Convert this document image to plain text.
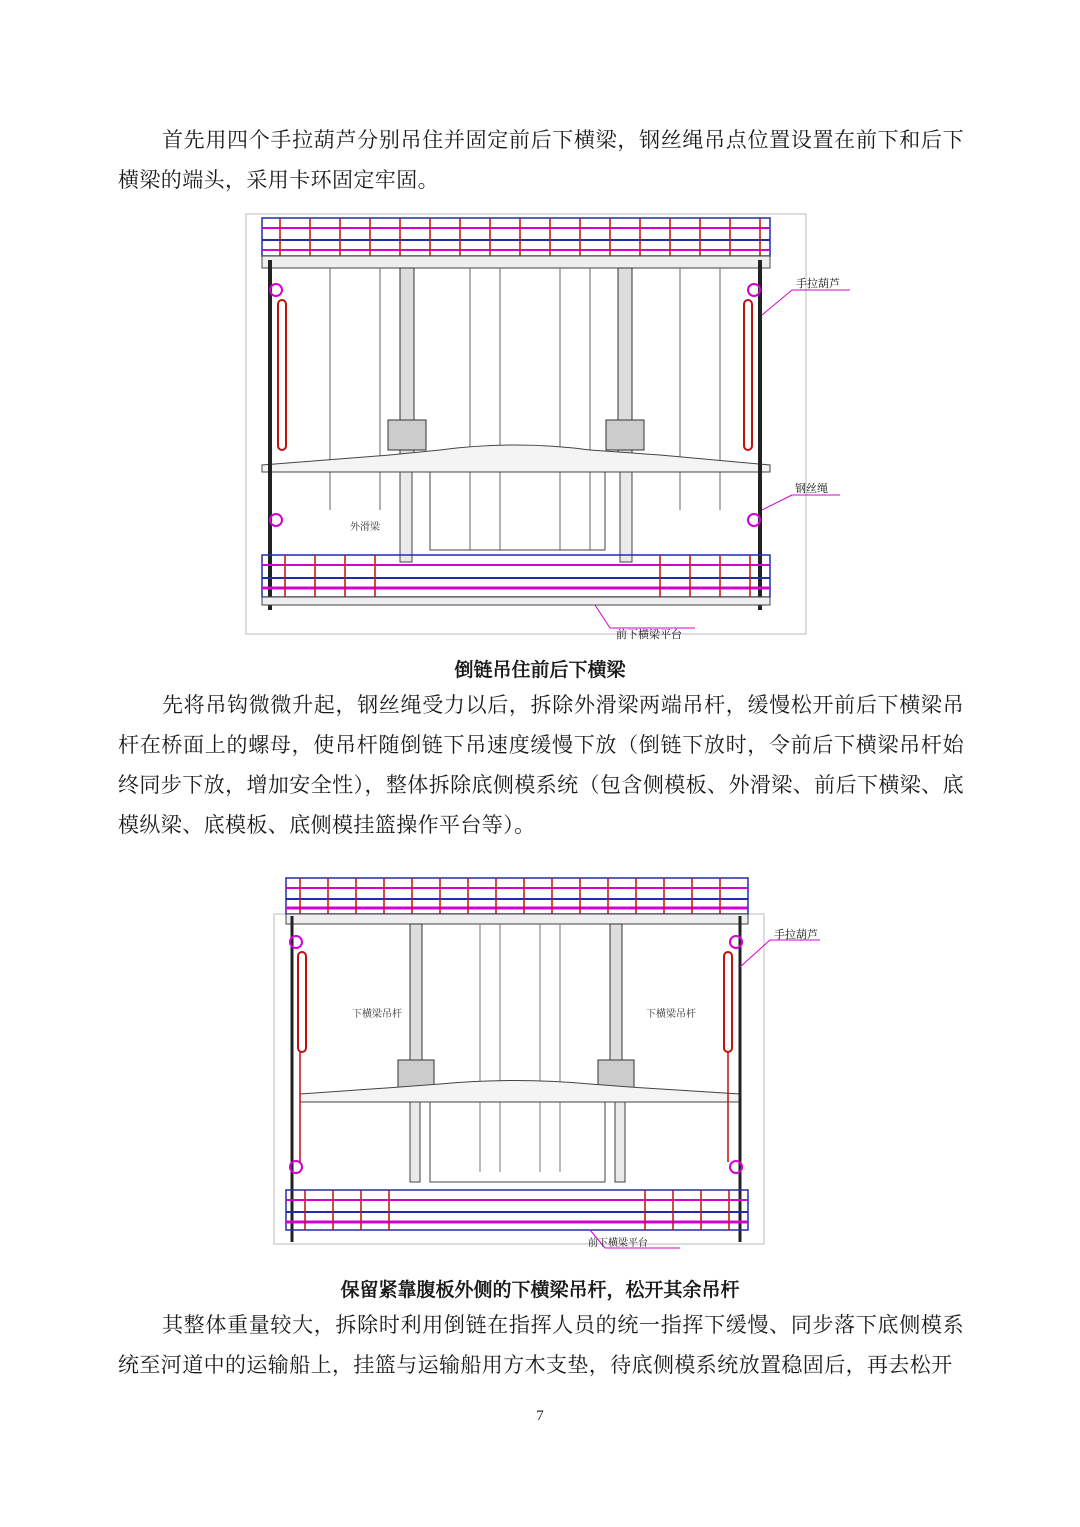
首先用四个手拉葫芦分别吊住并固定前后下横梁，钢丝绳吊点位置设置在前下和后下横梁的端头，采用卡环固定牢固。

手拉葫芦
钢丝绳
前下横梁平台
外滑梁

倒链吊住前后下横梁

先将吊钩微微升起，钢丝绳受力以后，拆除外滑梁两端吊杆，缓慢松开前后下横梁吊杆在桥面上的螺母，使吊杆随倒链下吊速度缓慢下放（倒链下放时，令前后下横梁吊杆始终同步下放，增加安全性），整体拆除底侧模系统（包含侧模板、外滑梁、前后下横梁、底模纵梁、底模板、底侧模挂篮操作平台等）。

手拉葫芦
前下横梁平台
下横梁吊杆	下横梁吊杆

保留紧靠腹板外侧的下横梁吊杆，松开其余吊杆

其整体重量较大，拆除时利用倒链在指挥人员的统一指挥下缓慢、同步落下底侧模系统至河道中的运输船上，挂篮与运输船用方木支垫，待底侧模系统放置稳固后，再去松开

7
